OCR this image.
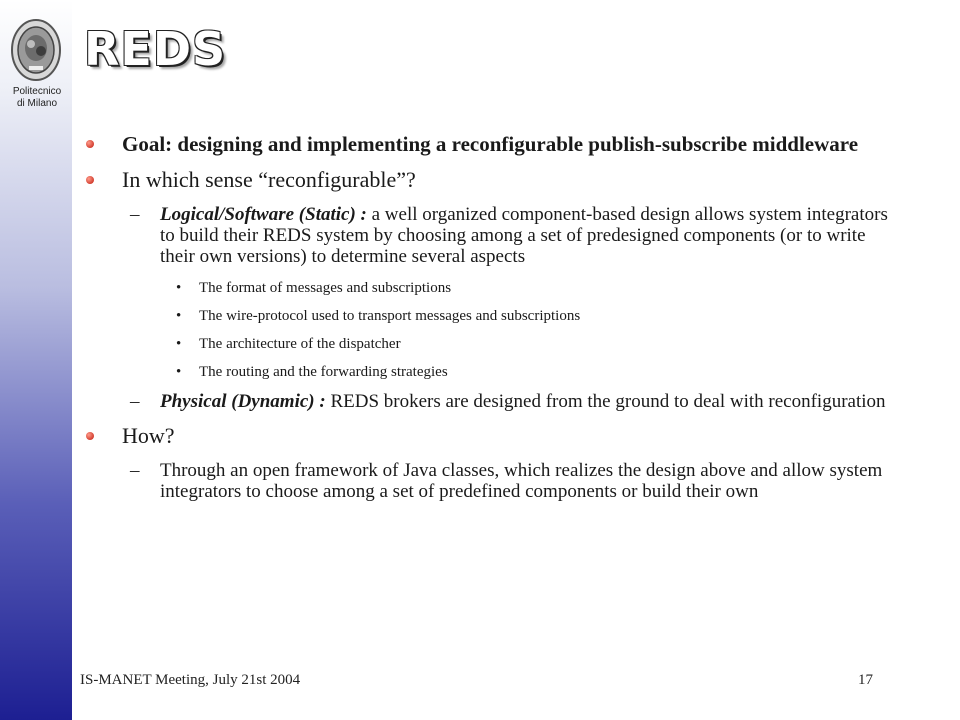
Politecnico
di Milano
REDS
Goal: designing and implementing a reconfigurable publish-subscribe middleware
In which sense “reconfigurable”?
– Logical/Software (Static) : a well organized component-based design allows system integrators to build their REDS system by choosing among a set of predesigned components (or to write their own versions) to determine several aspects
• The format of messages and subscriptions
• The wire-protocol used to transport messages and subscriptions
• The architecture of the dispatcher
• The routing and the forwarding strategies
– Physical (Dynamic) : REDS brokers are designed from the ground to deal with reconfiguration
How?
– Through an open framework of Java classes, which realizes the design above and allow system integrators to choose among a set of predefined components or build their own
IS-MANET Meeting, July 21st 2004	17
